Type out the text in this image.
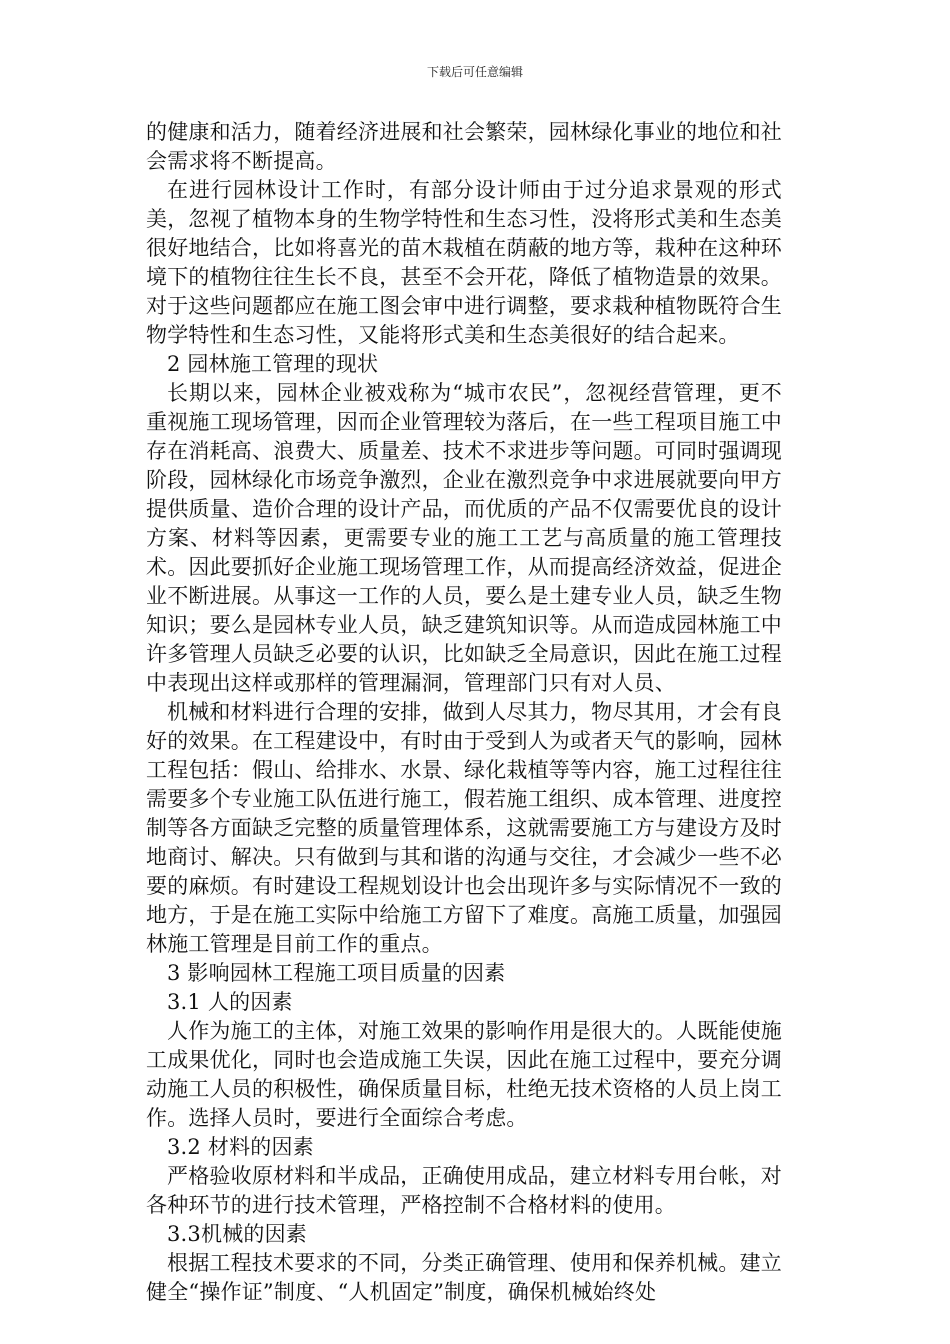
下载后可任意编辑

的健康和活力，随着经济进展和社会繁荣，园林绿化事业的地位和社会需求将不断提高。

在进行园林设计工作时，有部分设计师由于过分追求景观的形式美，忽视了植物本身的生物学特性和生态习性，没将形式美和生态美很好地结合，比如将喜光的苗木栽植在荫蔽的地方等，栽种在这种环境下的植物往往生长不良，甚至不会开花，降低了植物造景的效果。对于这些问题都应在施工图会审中进行调整，要求栽种植物既符合生物学特性和生态习性，又能将形式美和生态美很好的结合起来。

2 园林施工管理的现状

长期以来，园林企业被戏称为“城市农民”，忽视经营管理，更不重视施工现场管理，因而企业管理较为落后，在一些工程项目施工中存在消耗高、浪费大、质量差、技术不求进步等问题。可同时强调现阶段，园林绿化市场竞争激烈，企业在激烈竞争中求进展就要向甲方提供质量、造价合理的设计产品，而优质的产品不仅需要优良的设计方案、材料等因素，更需要专业的施工工艺与高质量的施工管理技术。因此要抓好企业施工现场管理工作，从而提高经济效益，促进企业不断进展。从事这一工作的人员，要么是土建专业人员，缺乏生物知识；要么是园林专业人员，缺乏建筑知识等。从而造成园林施工中许多管理人员缺乏必要的认识，比如缺乏全局意识，因此在施工过程中表现出这样或那样的管理漏洞，管理部门只有对人员、

机械和材料进行合理的安排，做到人尽其力，物尽其用，才会有良好的效果。在工程建设中，有时由于受到人为或者天气的影响，园林工程包括：假山、给排水、水景、绿化栽植等等内容，施工过程往往需要多个专业施工队伍进行施工，假若施工组织、成本管理、进度控制等各方面缺乏完整的质量管理体系，这就需要施工方与建设方及时地商讨、解决。只有做到与其和谐的沟通与交往，才会减少一些不必要的麻烦。有时建设工程规划设计也会出现许多与实际情况不一致的地方，于是在施工实际中给施工方留下了难度。高施工质量，加强园林施工管理是目前工作的重点。

3 影响园林工程施工项目质量的因素

3.1 人的因素

人作为施工的主体，对施工效果的影响作用是很大的。人既能使施工成果优化，同时也会造成施工失误，因此在施工过程中，要充分调动施工人员的积极性，确保质量目标，杜绝无技术资格的人员上岗工作。选择人员时，要进行全面综合考虑。

3.2 材料的因素

严格验收原材料和半成品，正确使用成品，建立材料专用台帐，对各种环节的进行技术管理，严格控制不合格材料的使用。

3.3机械的因素

根据工程技术要求的不同，分类正确管理、使用和保养机械。建立健全“操作证”制度、“人机固定”制度，确保机械始终处
